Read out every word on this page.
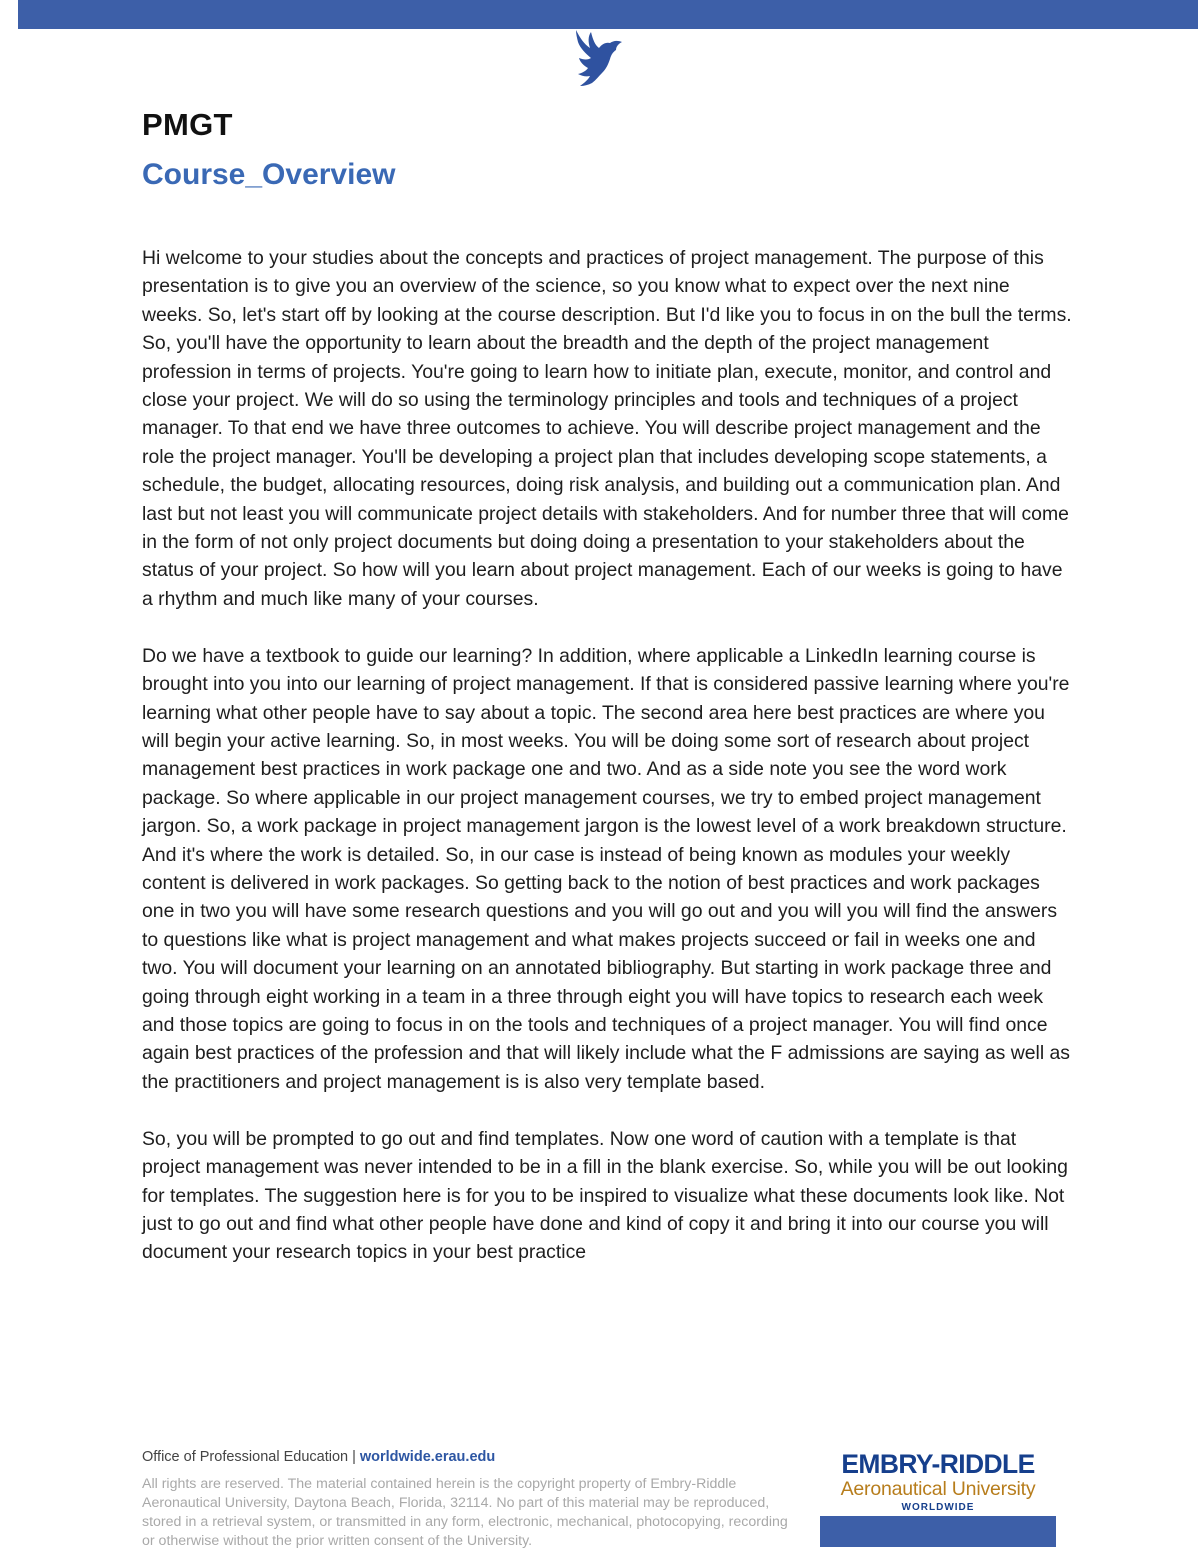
PMGT
Course_Overview

Hi welcome to your studies about the concepts and practices of project management. The purpose of this presentation is to give you an overview of the science, so you know what to expect over the next nine weeks. So, let's start off by looking at the course description. But I'd like you to focus in on the bull the terms. So, you'll have the opportunity to learn about the breadth and the depth of the project management profession in terms of projects. You're going to learn how to initiate plan, execute, monitor, and control and close your project. We will do so using the terminology principles and tools and techniques of a project manager. To that end we have three outcomes to achieve. You will describe project management and the role the project manager. You'll be developing a project plan that includes developing scope statements, a schedule, the budget, allocating resources, doing risk analysis, and building out a communication plan. And last but not least you will communicate project details with stakeholders. And for number three that will come in the form of not only project documents but doing doing a presentation to your stakeholders about the status of your project. So how will you learn about project management. Each of our weeks is going to have a rhythm and much like many of your courses.

Do we have a textbook to guide our learning? In addition, where applicable a LinkedIn learning course is brought into you into our learning of project management. If that is considered passive learning where you're learning what other people have to say about a topic. The second area here best practices are where you will begin your active learning. So, in most weeks. You will be doing some sort of research about project management best practices in work package one and two. And as a side note you see the word work package. So where applicable in our project management courses, we try to embed project management jargon. So, a work package in project management jargon is the lowest level of a work breakdown structure. And it's where the work is detailed. So, in our case is instead of being known as modules your weekly content is delivered in work packages. So getting back to the notion of best practices and work packages one in two you will have some research questions and you will go out and you will you will find the answers to questions like what is project management and what makes projects succeed or fail in weeks one and two. You will document your learning on an annotated bibliography. But starting in work package three and going through eight working in a team in a three through eight you will have topics to research each week and those topics are going to focus in on the tools and techniques of a project manager. You will find once again best practices of the profession and that will likely include what the F admissions are saying as well as the practitioners and project management is is also very template based.

So, you will be prompted to go out and find templates. Now one word of caution with a template is that project management was never intended to be in a fill in the blank exercise. So, while you will be out looking for templates. The suggestion here is for you to be inspired to visualize what these documents look like. Not just to go out and find what other people have done and kind of copy it and bring it into our course you will document your research topics in your best practice

Office of Professional Education | worldwide.erau.edu
All rights are reserved. The material contained herein is the copyright property of Embry-Riddle Aeronautical University, Daytona Beach, Florida, 32114. No part of this material may be reproduced, stored in a retrieval system, or transmitted in any form, electronic, mechanical, photocopying, recording or otherwise without the prior written consent of the University.
EMBRY-RIDDLE
Aeronautical University
WORLDWIDE
